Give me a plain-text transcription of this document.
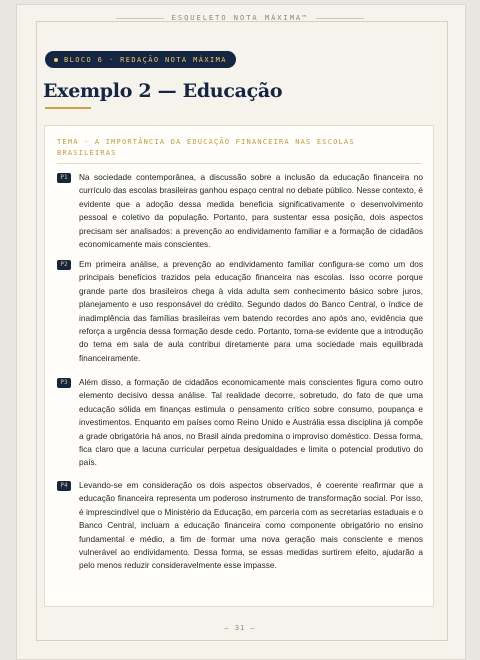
ESQUELETO NOTA MÁXIMA™
BLOCO 6 · REDAÇÃO NOTA MÁXIMA
Exemplo 2 — Educação
TEMA · A IMPORTÂNCIA DA EDUCAÇÃO FINANCEIRA NAS ESCOLAS BRASILEIRAS
P1	Na sociedade contemporânea, a discussão sobre a inclusão da educação financeira no currículo das escolas brasileiras ganhou espaço central no debate público. Nesse contexto, é evidente que a adoção dessa medida beneficia significativamente o desenvolvimento pessoal e coletivo da população. Portanto, para sustentar essa posição, dois aspectos precisam ser analisados: a prevenção ao endividamento familiar e a formação de cidadãos economicamente mais conscientes.
P2	Em primeira análise, a prevenção ao endividamento familiar configura-se como um dos principais benefícios trazidos pela educação financeira nas escolas. Isso ocorre porque grande parte dos brasileiros chega à vida adulta sem conhecimento básico sobre juros, planejamento e uso responsável do crédito. Segundo dados do Banco Central, o índice de inadimplência das famílias brasileiras vem batendo recordes ano após ano, evidência que reforça a urgência dessa formação desde cedo. Portanto, torna-se evidente que a introdução do tema em sala de aula contribui diretamente para uma sociedade mais equilibrada financeiramente.
P3	Além disso, a formação de cidadãos economicamente mais conscientes figura como outro elemento decisivo dessa análise. Tal realidade decorre, sobretudo, do fato de que uma educação sólida em finanças estimula o pensamento crítico sobre consumo, poupança e investimentos. Enquanto em países como Reino Unido e Austrália essa disciplina já compõe a grade obrigatória há anos, no Brasil ainda predomina o improviso doméstico. Dessa forma, fica claro que a lacuna curricular perpetua desigualdades e limita o potencial produtivo do país.
P4	Levando-se em consideração os dois aspectos observados, é coerente reafirmar que a educação financeira representa um poderoso instrumento de transformação social. Por isso, é imprescindível que o Ministério da Educação, em parceria com as secretarias estaduais e o Banco Central, incluam a educação financeira como componente obrigatório no ensino fundamental e médio, a fim de formar uma nova geração mais consciente e menos vulnerável ao endividamento. Dessa forma, se essas medidas surtirem efeito, ajudarão a pelo menos reduzir consideravelmente esse impasse.
— 31 —
